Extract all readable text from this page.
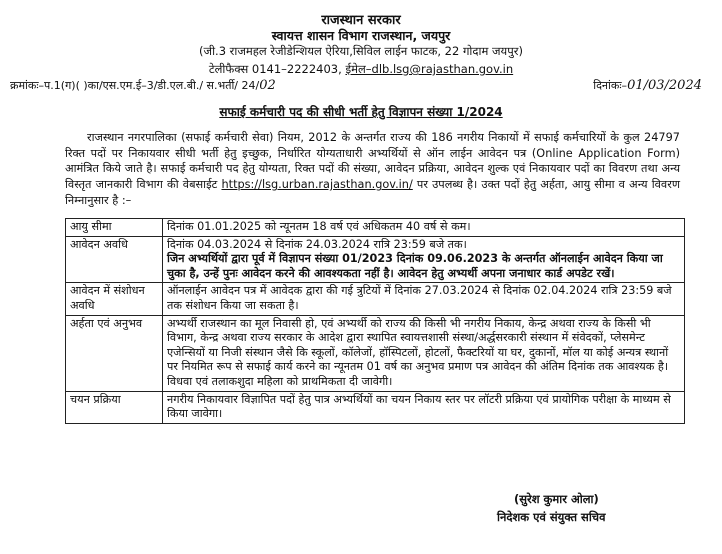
राजस्थान सरकार
स्वायत्त शासन विभाग राजस्थान, जयपुर
(जी.3 राजमहल रेजीडेन्शियल ऐरिया,सिविल लाईन फाटक, 22 गोदाम जयपुर)
टेलीफैक्स 0141–2222403, ईमेल–dlb.lsg@rajasthan.gov.in
क्रमांकः–प.1(ग)( )का/एस.एम.ई–3/डी.एल.बी./ स.भर्ती/ 24/02	दिनांकः–01/03/2024
सफाई कर्मचारी पद की सीधी भर्ती हेतु विज्ञापन संख्या 1/2024
राजस्थान नगरपालिका (सफाई कर्मचारी सेवा) नियम, 2012 के अन्तर्गत राज्य की 186 नगरीय निकायों में सफाई कर्मचारियों के कुल 24797 रिक्त पदों पर निकायवार सीधी भर्ती हेतु इच्छुक, निर्धारित योग्यताधारी अभ्यर्थियों से ऑन लाईन आवेदन पत्र (Online Application Form) आमंत्रित किये जाते है। सफाई कर्मचारी पद हेतु योग्यता, रिक्त पदों की संख्या, आवेदन प्रक्रिया, आवेदन शुल्क एवं निकायवार पदों का विवरण तथा अन्य विस्तृत जानकारी विभाग की वेबसाईट https://lsg.urban.rajasthan.gov.in/ पर उपलब्ध है। उक्त पदों हेतु अर्हता, आयु सीमा व अन्य विवरण निम्नानुसार है :–
आयु सीमा	दिनांक 01.01.2025 को न्यूनतम 18 वर्ष एवं अधिकतम 40 वर्ष से कम।
आवेदन अवधि	दिनांक 04.03.2024 से दिनांक 24.03.2024 रात्रि 23:59 बजे तक।
जिन अभ्यर्थियों द्वारा पूर्व में विज्ञापन संख्या 01/2023 दिनांक 09.06.2023 के अन्तर्गत ऑनलाईन आवेदन किया जा चुका है, उन्हें पुनः आवेदन करने की आवश्यकता नहीं है। आवेदन हेतु अभ्यर्थी अपना जनाधार कार्ड अपडेट रखें।

आवेदन में संशोधन अवधि	ऑनलाईन आवेदन पत्र में आवेदक द्वारा की गई त्रुटियों में दिनांक 27.03.2024 से दिनांक 02.04.2024 रात्रि 23:59 बजे तक संशोधन किया जा सकता है।
अर्हता एवं अनुभव	अभ्यर्थी राजस्थान का मूल निवासी हो, एवं अभ्यर्थी को राज्य की किसी भी नगरीय निकाय, केन्द्र अथवा राज्य के किसी भी विभाग, केन्द्र अथवा राज्य सरकार के आदेश द्वारा स्थापित स्वायत्तशासी संस्था/अर्द्धसरकारी संस्थान में संवेदकों, प्लेसमेन्ट एजेन्सियों या निजी संस्थान जैसे कि स्कूलों, कॉलेजों, हॉस्पिटलों, होटलों, फैक्टरियों या घर, दुकानों, मॉल या कोई अन्यत्र स्थानों पर नियमित रूप से सफाई कार्य करने का न्यूनतम 01 वर्ष का अनुभव प्रमाण पत्र आवेदन की अंतिम दिनांक तक आवश्यक है। विधवा एवं तलाकशुदा महिला को प्राथमिकता दी जावेगी।
चयन प्रक्रिया	नगरीय निकायवार विज्ञापित पदों हेतु पात्र अभ्यर्थियों का चयन निकाय स्तर पर लॉटरी प्रक्रिया एवं प्रायोगिक परीक्षा के माध्यम से किया जावेगा।
(सुरेश कुमार ओला)
निदेशक एवं संयुक्त सचिव
